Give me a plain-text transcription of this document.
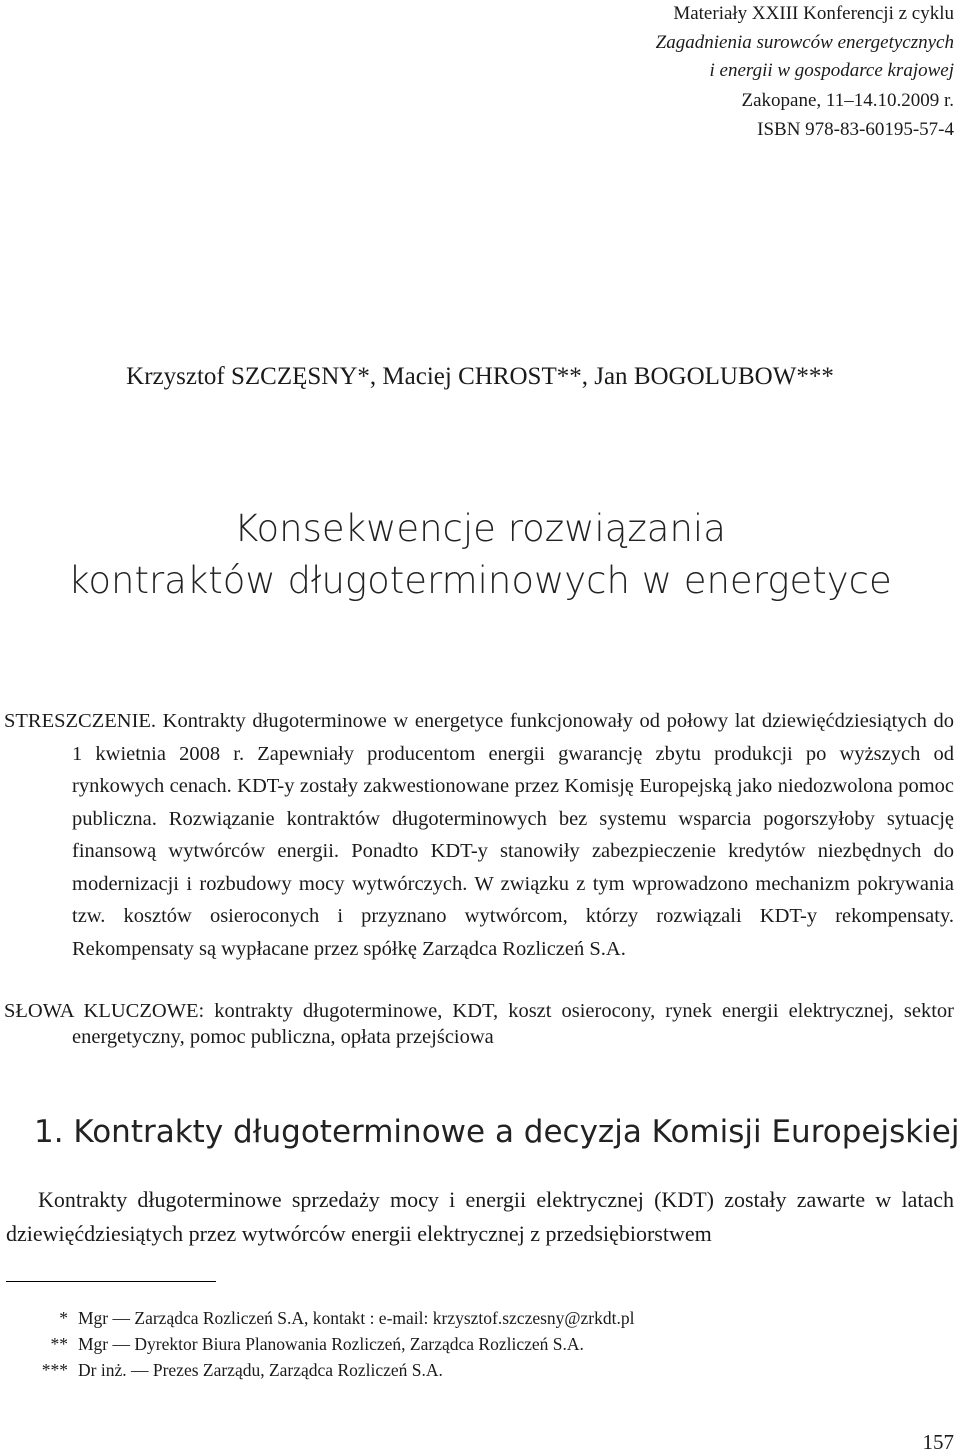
Materiały XXIII Konferencji z cyklu
Zagadnienia surowców energetycznych
i energii w gospodarce krajowej
Zakopane, 11–14.10.2009 r.
ISBN 978-83-60195-57-4
Krzysztof SZCZĘSNY*, Maciej CHROST**, Jan BOGOLUBOW***
Konsekwencje rozwiązania
kontraktów długoterminowych w energetyce
STRESZCZENIE. Kontrakty długoterminowe w energetyce funkcjonowały od połowy lat dziewięćdziesiątych do 1 kwietnia 2008 r. Zapewniały producentom energii gwarancję zbytu produkcji po wyższych od rynkowych cenach. KDT-y zostały zakwestionowane przez Komisję Europejską jako niedozwolona pomoc publiczna. Rozwiązanie kontraktów długoterminowych bez systemu wsparcia pogorszyłoby sytuację finansową wytwórców energii. Ponadto KDT-y stanowiły zabezpieczenie kredytów niezbędnych do modernizacji i rozbudowy mocy wytwórczych. W związku z tym wprowadzono mechanizm pokrywania tzw. kosztów osieroconych i przyznano wytwórcom, którzy rozwiązali KDT-y rekompensaty. Rekompensaty są wypłacane przez spółkę Zarządca Rozliczeń S.A.
SŁOWA KLUCZOWE: kontrakty długoterminowe, KDT, koszt osierocony, rynek energii elektrycznej, sektor energetyczny, pomoc publiczna, opłata przejściowa
1. Kontrakty długoterminowe a decyzja Komisji Europejskiej
Kontrakty długoterminowe sprzedaży mocy i energii elektrycznej (KDT) zostały zawarte w latach dziewięćdziesiątych przez wytwórców energii elektrycznej z przedsiębiorstwem
* Mgr — Zarządca Rozliczeń S.A, kontakt : e-mail: krzysztof.szczesny@zrkdt.pl
** Mgr — Dyrektor Biura Planowania Rozliczeń, Zarządca Rozliczeń S.A.
*** Dr inż. — Prezes Zarządu, Zarządca Rozliczeń S.A.
157
